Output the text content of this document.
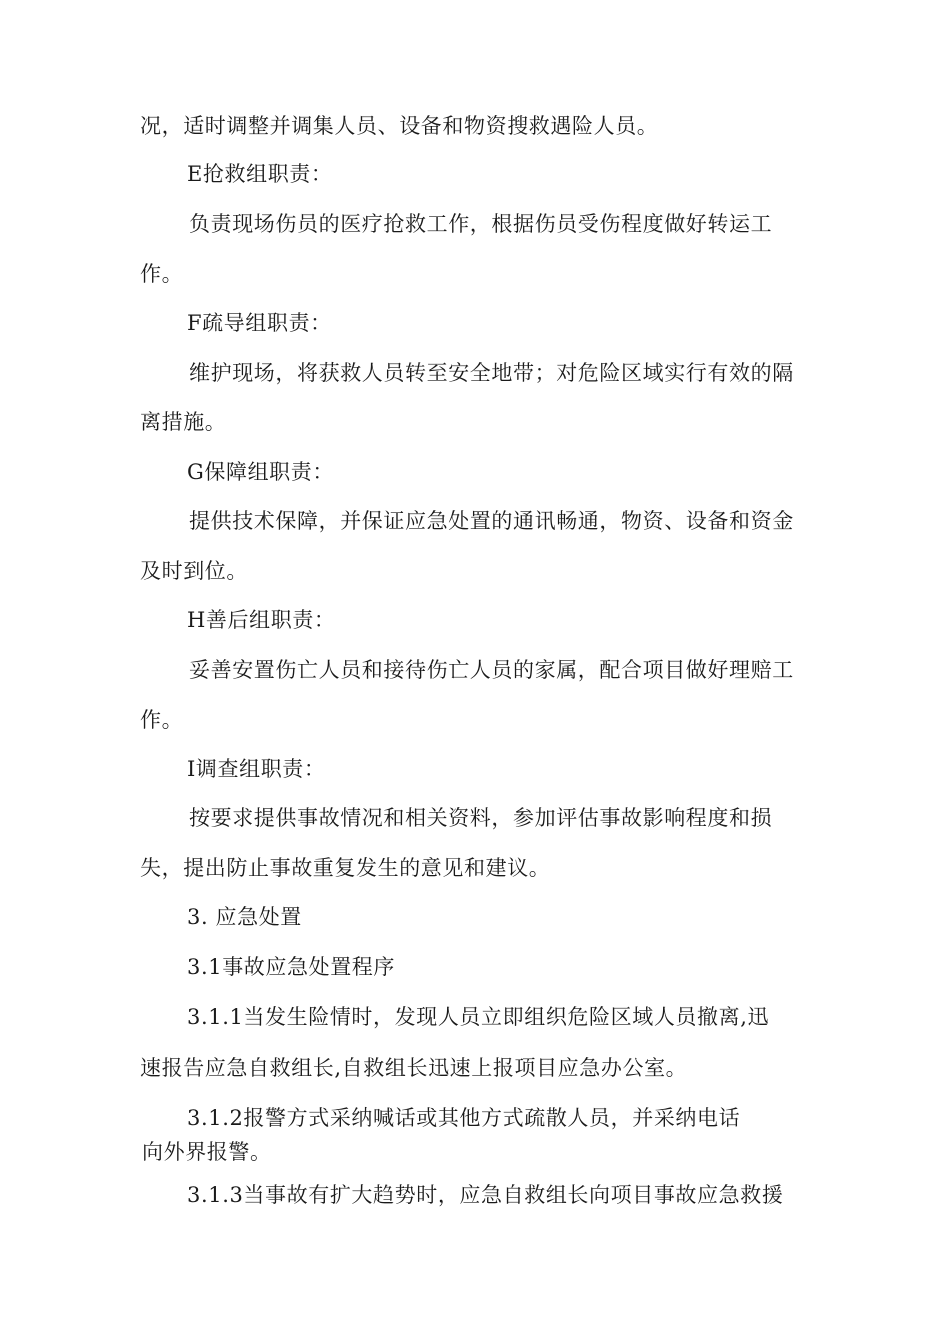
况，适时调整并调集人员、设备和物资搜救遇险人员。
E抢救组职责：
负责现场伤员的医疗抢救工作，根据伤员受伤程度做好转运工
作。
F疏导组职责：
维护现场，将获救人员转至安全地带；对危险区域实行有效的隔
离措施。
G保障组职责：
提供技术保障，并保证应急处置的通讯畅通，物资、设备和资金
及时到位。
H善后组职责：
妥善安置伤亡人员和接待伤亡人员的家属，配合项目做好理赔工
作。
I调查组职责：
按要求提供事故情况和相关资料，参加评估事故影响程度和损
失，提出防止事故重复发生的意见和建议。
3. 应急处置
3.1事故应急处置程序
3.1.1当发生险情时，发现人员立即组织危险区域人员撤离,迅
速报告应急自救组长,自救组长迅速上报项目应急办公室。
3.1.2报警方式采纳喊话或其他方式疏散人员，并采纳电话
向外界报警。
3.1.3当事故有扩大趋势时，应急自救组长向项目事故应急救援
